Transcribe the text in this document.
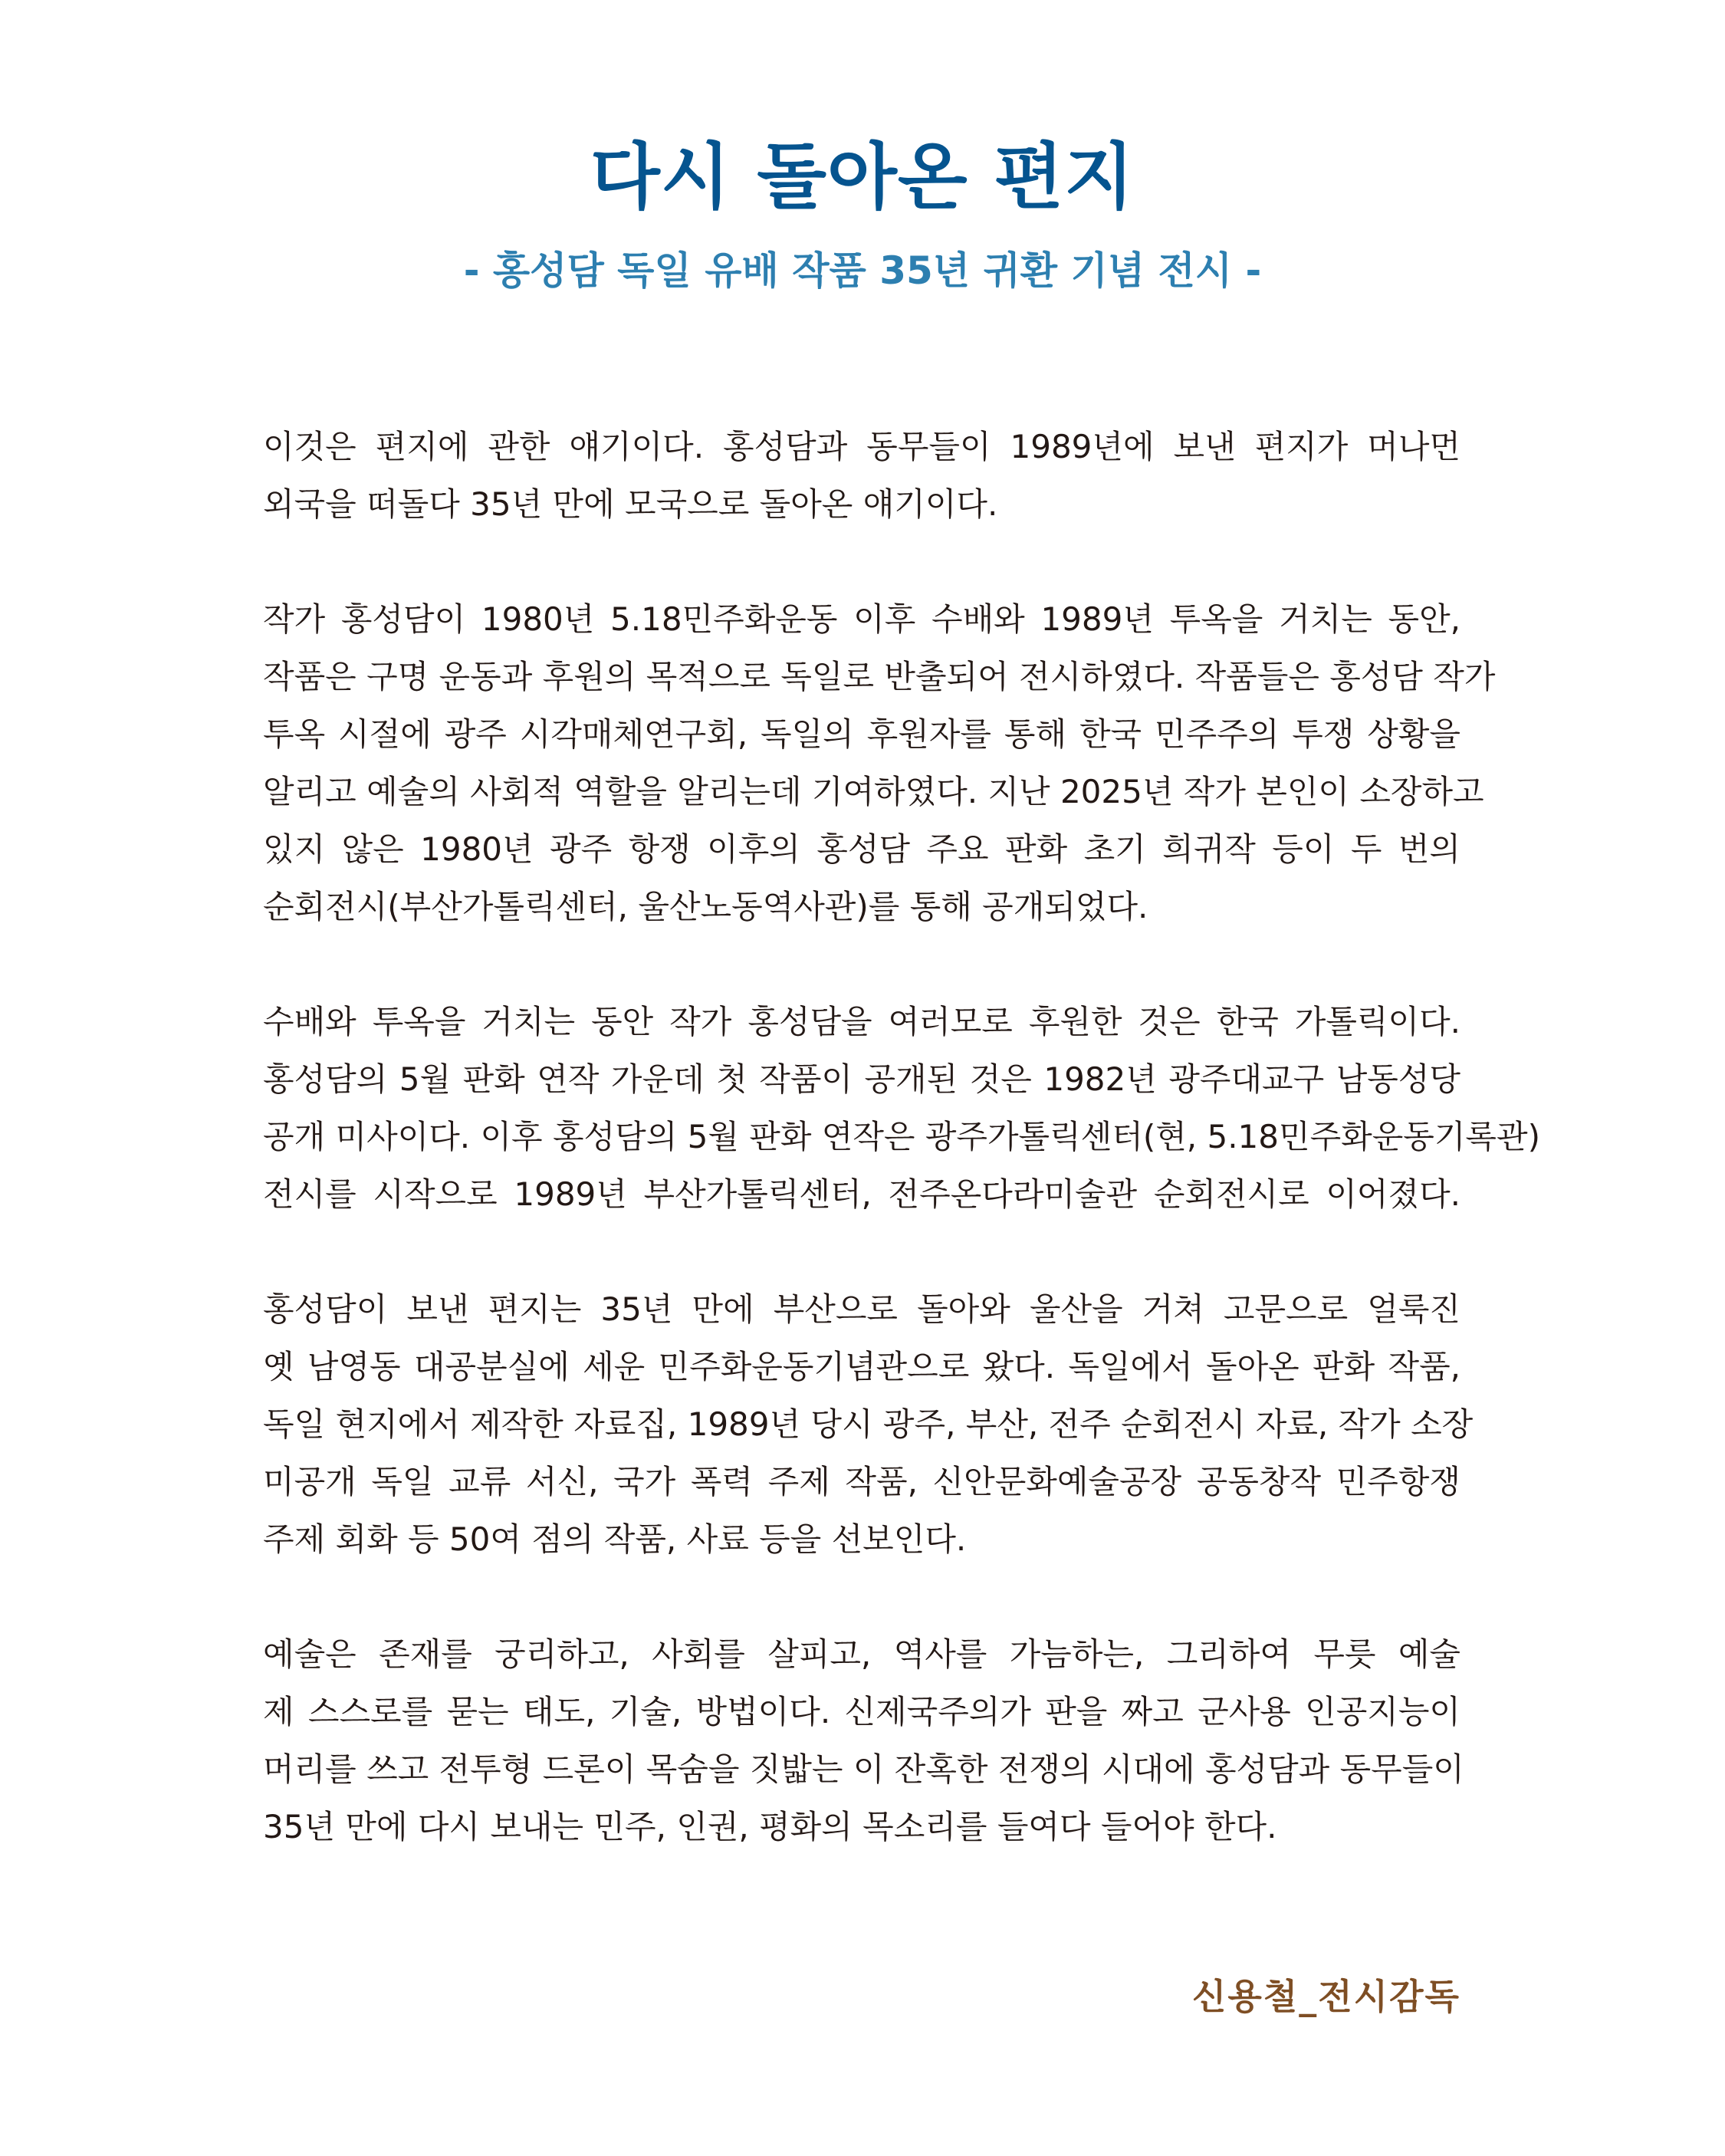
다시 돌아온 편지
- 홍성담 독일 유배 작품 35년 귀환 기념 전시 -

이것은 편지에 관한 얘기이다. 홍성담과 동무들이 1989년에 보낸 편지가 머나먼
외국을 떠돌다 35년 만에 모국으로 돌아온 얘기이다.

작가 홍성담이 1980년 5.18민주화운동 이후 수배와 1989년 투옥을 거치는 동안,
작품은 구명 운동과 후원의 목적으로 독일로 반출되어 전시하였다. 작품들은 홍성담 작가
투옥 시절에 광주 시각매체연구회, 독일의 후원자를 통해 한국 민주주의 투쟁 상황을
알리고 예술의 사회적 역할을 알리는데 기여하였다. 지난 2025년 작가 본인이 소장하고
있지 않은 1980년 광주 항쟁 이후의 홍성담 주요 판화 초기 희귀작 등이 두 번의
순회전시(부산가톨릭센터, 울산노동역사관)를 통해 공개되었다.

수배와 투옥을 거치는 동안 작가 홍성담을 여러모로 후원한 것은 한국 가톨릭이다.
홍성담의 5월 판화 연작 가운데 첫 작품이 공개된 것은 1982년 광주대교구 남동성당
공개 미사이다. 이후 홍성담의 5월 판화 연작은 광주가톨릭센터(현, 5.18민주화운동기록관)
전시를 시작으로 1989년 부산가톨릭센터, 전주온다라미술관 순회전시로 이어졌다.

홍성담이 보낸 편지는 35년 만에 부산으로 돌아와 울산을 거쳐 고문으로 얼룩진
옛 남영동 대공분실에 세운 민주화운동기념관으로 왔다. 독일에서 돌아온 판화 작품,
독일 현지에서 제작한 자료집, 1989년 당시 광주, 부산, 전주 순회전시 자료, 작가 소장
미공개 독일 교류 서신, 국가 폭력 주제 작품, 신안문화예술공장 공동창작 민주항쟁
주제 회화 등 50여 점의 작품, 사료 등을 선보인다.

예술은 존재를 궁리하고, 사회를 살피고, 역사를 가늠하는, 그리하여 무릇 예술
제 스스로를 묻는 태도, 기술, 방법이다. 신제국주의가 판을 짜고 군사용 인공지능이
머리를 쓰고 전투형 드론이 목숨을 짓밟는 이 잔혹한 전쟁의 시대에 홍성담과 동무들이
35년 만에 다시 보내는 민주, 인권, 평화의 목소리를 들여다 들어야 한다.

신용철_전시감독
